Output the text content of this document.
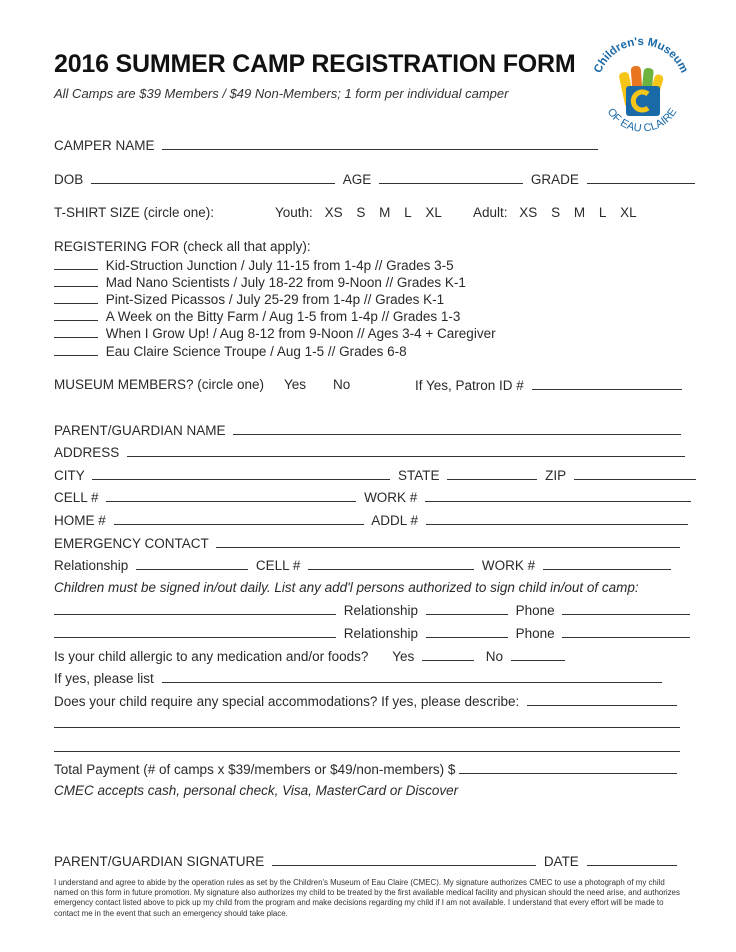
2016 SUMMER CAMP REGISTRATION FORM
All Camps are $39 Members / $49 Non-Members; 1 form per individual camper
Children's Museum
OF EAU CLAIRE
CAMPER NAME
DOB	AGE	GRADE
T-SHIRT SIZE (circle one):	Youth: XS S M L XL	Adult: XS S M L XL
REGISTERING FOR (check all that apply):
Kid-Struction Junction / July 11-15 from 1-4p // Grades 3-5
Mad Nano Scientists / July 18-22 from 9-Noon // Grades K-1
Pint-Sized Picassos / July 25-29 from 1-4p // Grades K-1
A Week on the Bitty Farm / Aug 1-5 from 1-4p // Grades 1-3
When I Grow Up! / Aug 8-12 from 9-Noon // Ages 3-4 + Caregiver
Eau Claire Science Troupe / Aug 1-5 // Grades 6-8
MUSEUM MEMBERS? (circle one) Yes No	If Yes, Patron ID #
PARENT/GUARDIAN NAME
ADDRESS
CITY	STATE	ZIP
CELL #	WORK #
HOME #	ADDL #
EMERGENCY CONTACT
Relationship	CELL #	WORK #
Children must be signed in/out daily. List any add'l persons authorized to sign child in/out of camp:
Relationship	Phone
Relationship	Phone
Is your child allergic to any medication and/or foods? Yes	No
If yes, please list
Does your child require any special accommodations? If yes, please describe:
Total Payment (# of camps x $39/members or $49/non-members) $
CMEC accepts cash, personal check, Visa, MasterCard or Discover
PARENT/GUARDIAN SIGNATURE	DATE
I understand and agree to abide by the operation rules as set by the Children's Museum of Eau Claire (CMEC). My signature authorizes CMEC to use a photograph of my child named on this form in future promotion. My signature also authorizes my child to be treated by the first available medical facility and physican should the need arise, and authorizes emergency contact listed above to pick up my child from the program and make decisions regarding my child if I am not available. I understand that every effort will be made to contact me in the event that such an emergency should take place.
